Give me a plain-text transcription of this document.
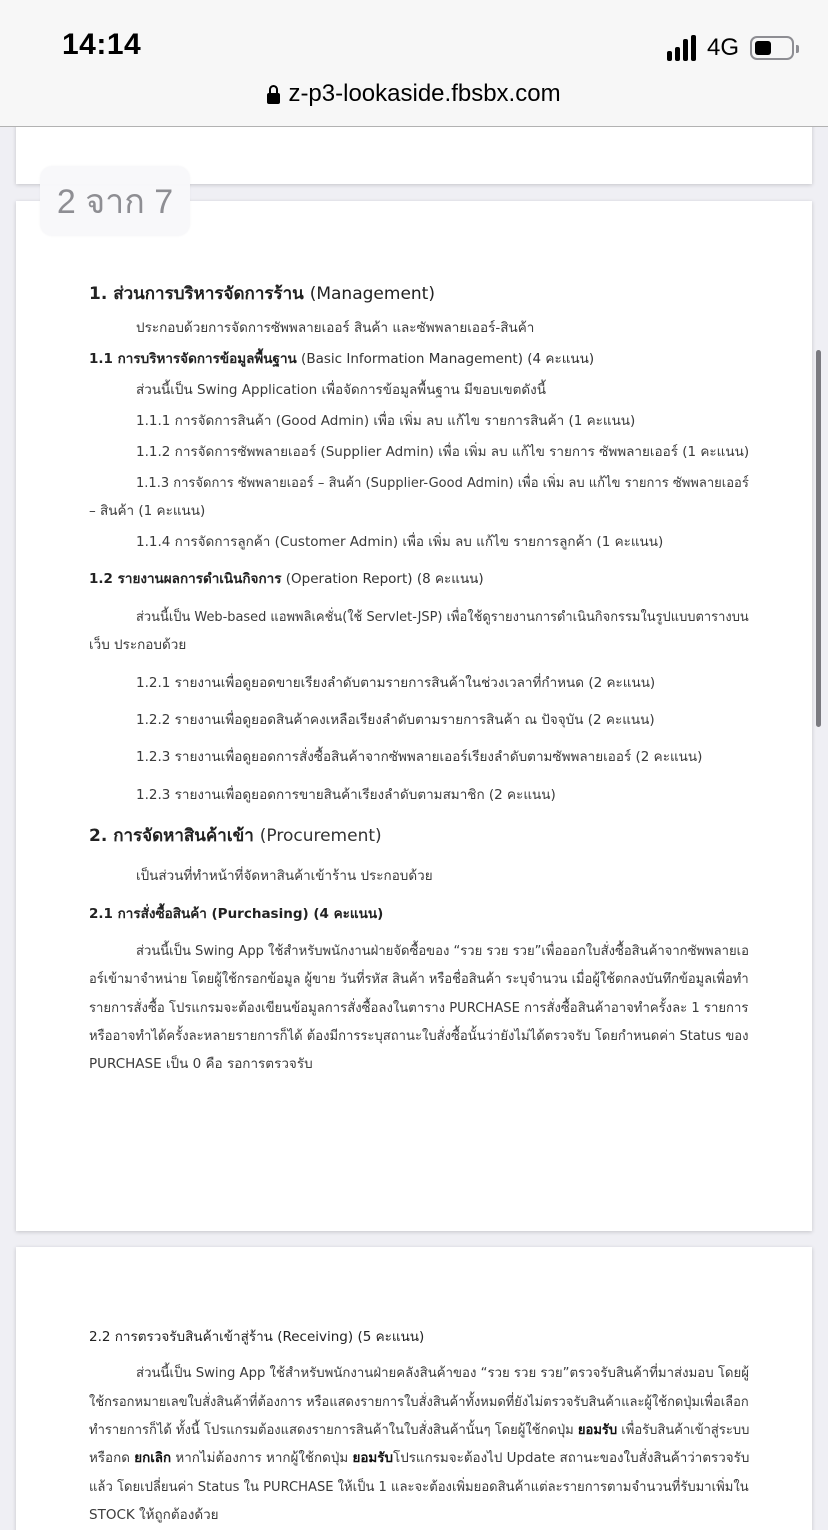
14:14	4G
z-p3-lookaside.fbsbx.com
2 จาก 7
1. ส่วนการบริหารจัดการร้าน (Management)
ประกอบด้วยการจัดการซัพพลายเออร์ สินค้า และซัพพลายเออร์-สินค้า
1.1 การบริหารจัดการข้อมูลพื้นฐาน (Basic Information Management) (4 คะแนน)
ส่วนนี้เป็น Swing Application เพื่อจัดการข้อมูลพื้นฐาน มีขอบเขตดังนี้
1.1.1 การจัดการสินค้า (Good Admin) เพื่อ เพิ่ม ลบ แก้ไข รายการสินค้า (1 คะแนน)
1.1.2 การจัดการซัพพลายเออร์ (Supplier Admin) เพื่อ เพิ่ม ลบ แก้ไข รายการ ซัพพลายเออร์ (1 คะแนน)
1.1.3 การจัดการ ซัพพลายเออร์ – สินค้า (Supplier-Good Admin) เพื่อ เพิ่ม ลบ แก้ไข รายการ ซัพพลายเออร์
– สินค้า (1 คะแนน)
1.1.4 การจัดการลูกค้า (Customer Admin) เพื่อ เพิ่ม ลบ แก้ไข รายการลูกค้า (1 คะแนน)
1.2 รายงานผลการดำเนินกิจการ (Operation Report) (8 คะแนน)
ส่วนนี้เป็น Web-based แอพพลิเคชั่น(ใช้ Servlet-JSP) เพื่อใช้ดูรายงานการดำเนินกิจกรรมในรูปแบบตารางบน
เว็บ ประกอบด้วย
1.2.1 รายงานเพื่อดูยอดขายเรียงลำดับตามรายการสินค้าในช่วงเวลาที่กำหนด (2 คะแนน)
1.2.2 รายงานเพื่อดูยอดสินค้าคงเหลือเรียงลำดับตามรายการสินค้า ณ ปัจจุบัน (2 คะแนน)
1.2.3 รายงานเพื่อดูยอดการสั่งซื้อสินค้าจากซัพพลายเออร์เรียงลำดับตามซัพพลายเออร์ (2 คะแนน)
1.2.3 รายงานเพื่อดูยอดการขายสินค้าเรียงลำดับตามสมาชิก (2 คะแนน)
2. การจัดหาสินค้าเข้า (Procurement)
เป็นส่วนที่ทำหน้าที่จัดหาสินค้าเข้าร้าน ประกอบด้วย
2.1 การสั่งซื้อสินค้า (Purchasing) (4 คะแนน)
ส่วนนี้เป็น Swing App ใช้สำหรับพนักงานฝ่ายจัดซื้อของ “รวย รวย รวย”เพื่อออกใบสั่งซื้อสินค้าจากซัพพลายเอ
อร์เข้ามาจำหน่าย โดยผู้ใช้กรอกข้อมูล ผู้ขาย วันที่รหัส สินค้า หรือชื่อสินค้า ระบุจำนวน เมื่อผู้ใช้ตกลงบันทึกข้อมูลเพื่อทำ
รายการสั่งซื้อ โปรแกรมจะต้องเขียนข้อมูลการสั่งซื้อลงในตาราง PURCHASE การสั่งซื้อสินค้าอาจทำครั้งละ 1 รายการ
หรืออาจทำได้ครั้งละหลายรายการก็ได้ ต้องมีการระบุสถานะใบสั่งซื้อนั้นว่ายังไม่ได้ตรวจรับ โดยกำหนดค่า Status ของ
PURCHASE เป็น 0 คือ รอการตรวจรับ
2.2 การตรวจรับสินค้าเข้าสู่ร้าน (Receiving) (5 คะแนน)
ส่วนนี้เป็น Swing App ใช้สำหรับพนักงานฝ่ายคลังสินค้าของ “รวย รวย รวย”ตรวจรับสินค้าที่มาส่งมอบ โดยผู้
ใช้กรอกหมายเลขใบสั่งสินค้าที่ต้องการ หรือแสดงรายการใบสั่งสินค้าทั้งหมดที่ยังไม่ตรวจรับสินค้าและผู้ใช้กดปุ่มเพื่อเลือก
ทำรายการก็ได้ ทั้งนี้ โปรแกรมต้องแสดงรายการสินค้าในใบสั่งสินค้านั้นๆ โดยผู้ใช้กดปุ่ม ยอมรับ เพื่อรับสินค้าเข้าสู่ระบบ
หรือกด ยกเลิก หากไม่ต้องการ หากผู้ใช้กดปุ่ม ยอมรับโปรแกรมจะต้องไป Update สถานะของใบสั่งสินค้าว่าตรวจรับ
แล้ว โดยเปลี่ยนค่า Status ใน PURCHASE ให้เป็น 1 และจะต้องเพิ่มยอดสินค้าแต่ละรายการตามจำนวนที่รับมาเพิ่มใน
STOCK ให้ถูกต้องด้วย
